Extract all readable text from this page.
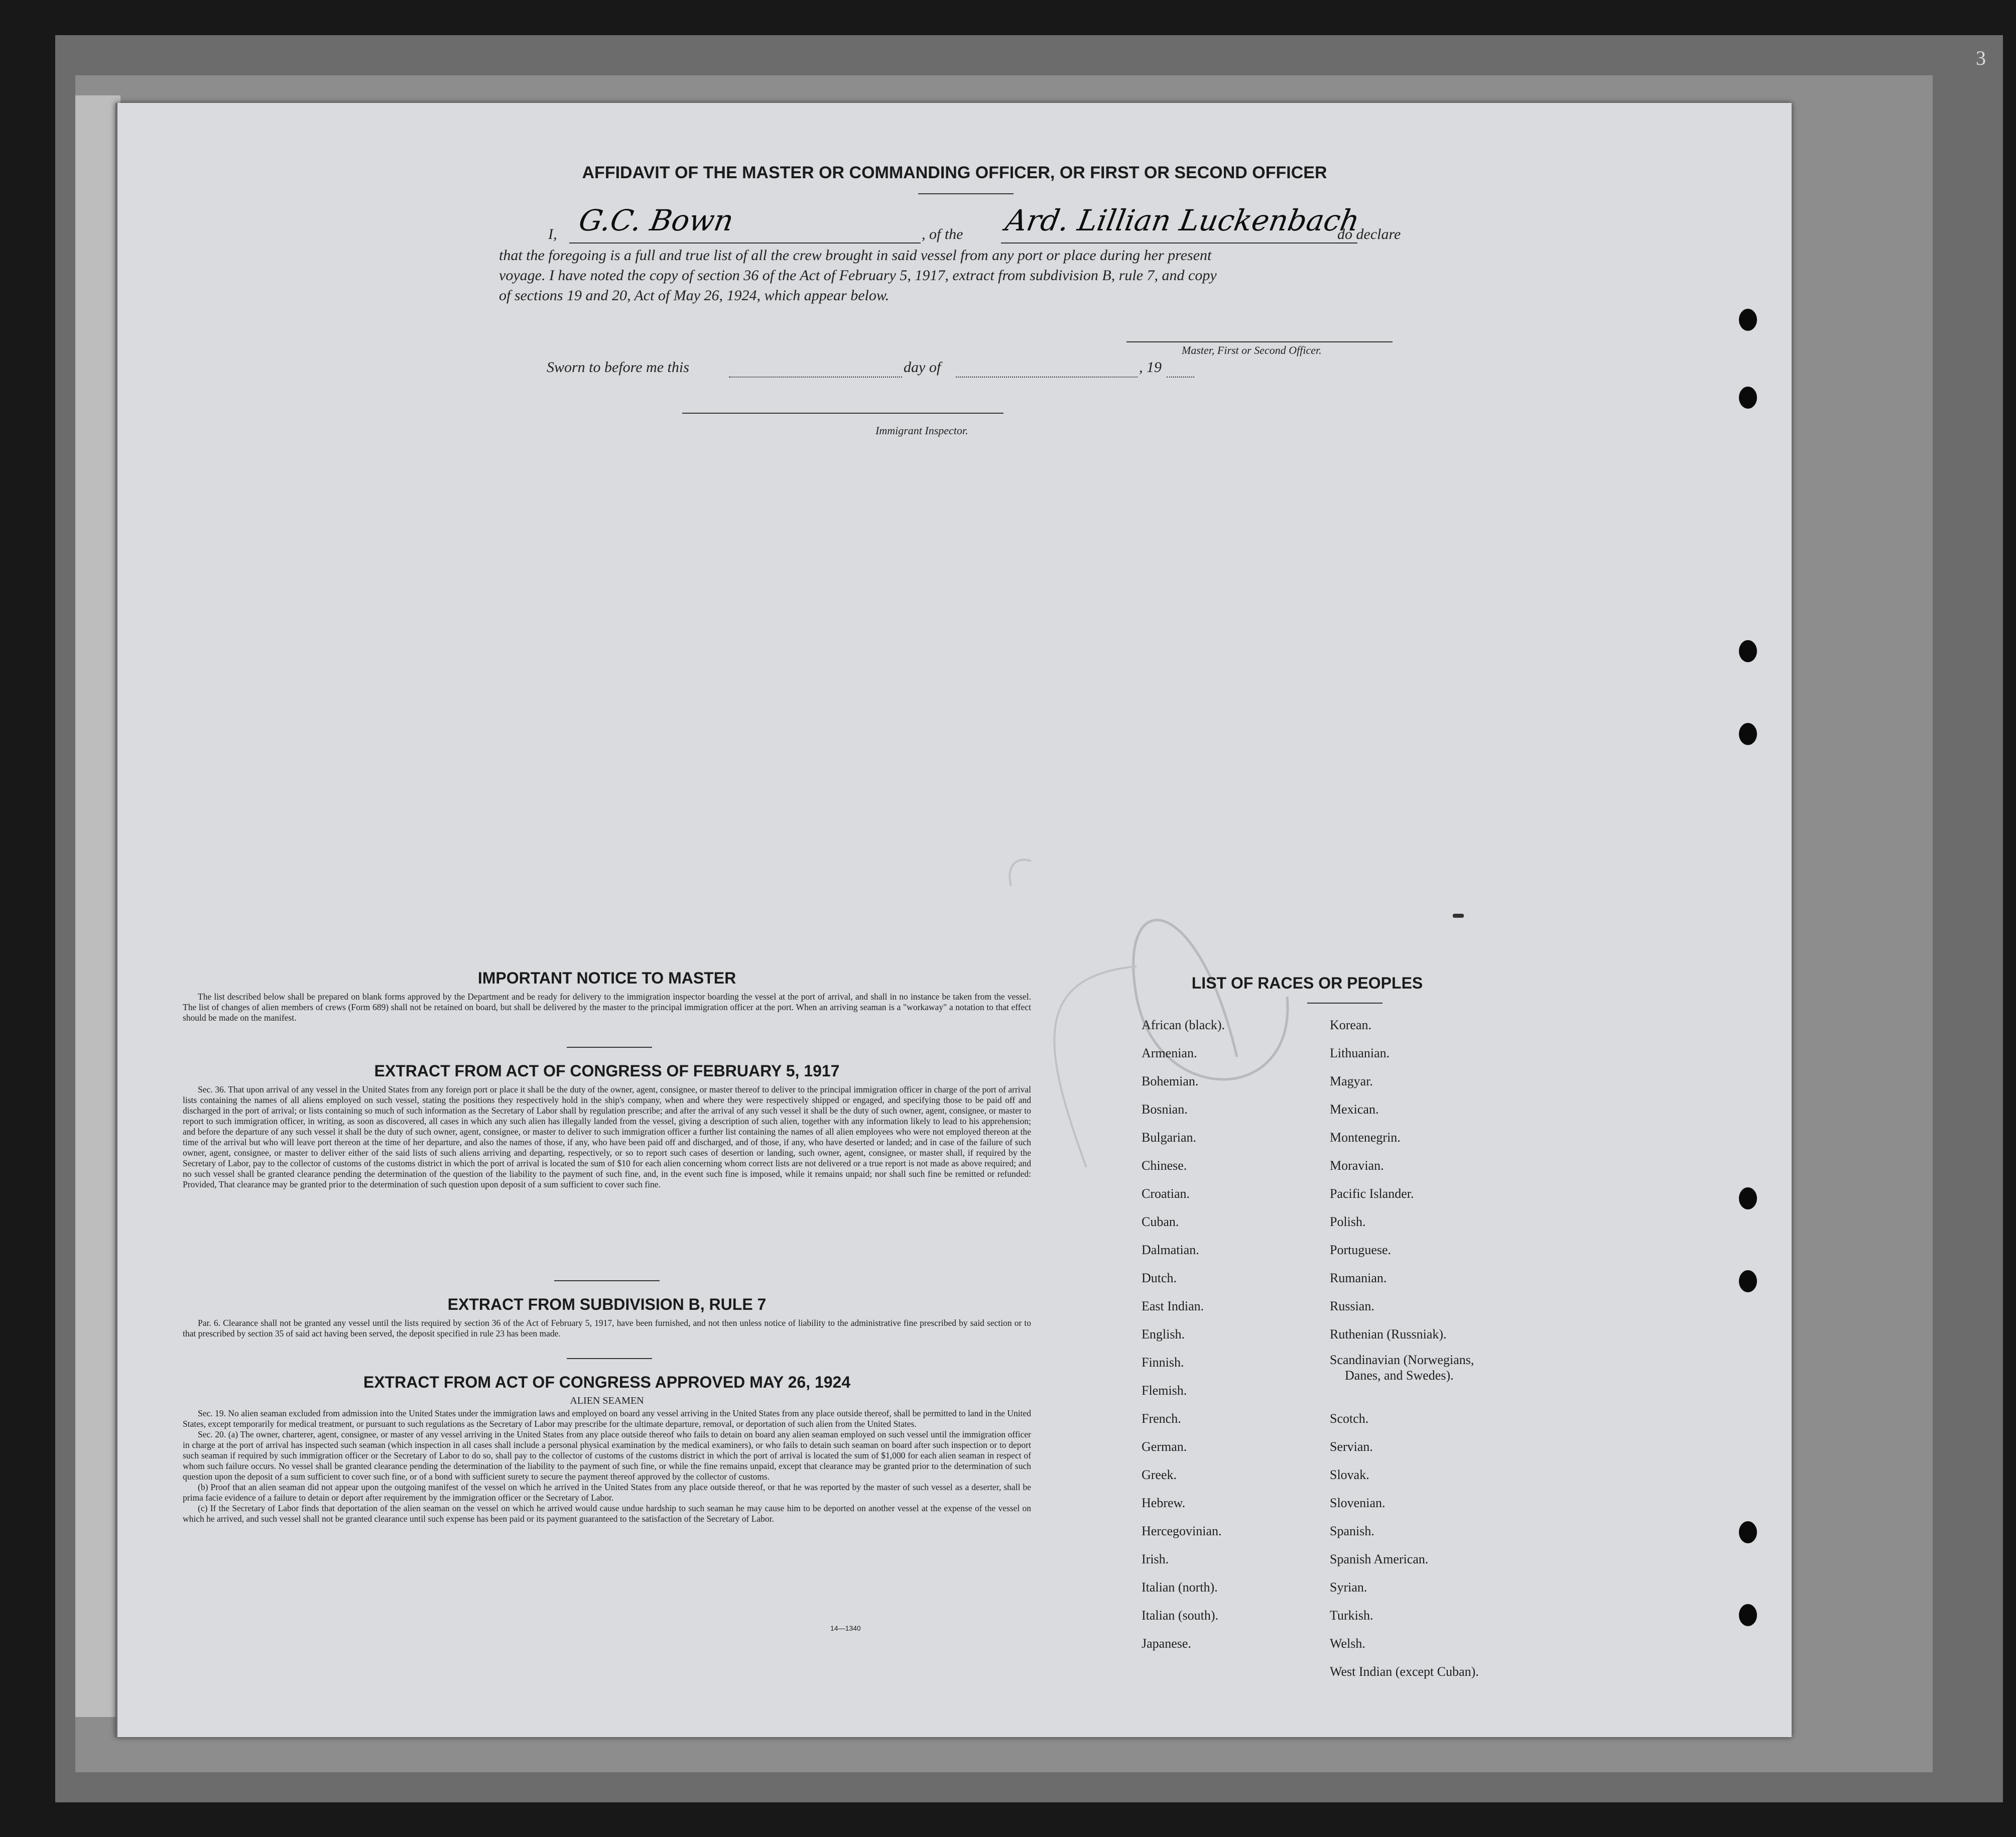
3
AFFIDAVIT OF THE MASTER OR COMMANDING OFFICER, OR FIRST OR SECOND OFFICER
I, G.C. Bown	, of the Ard. Lillian Luckenbach
do declare
that the foregoing is a full and true list of all the crew brought in said vessel from any port or place during her present
voyage. I have noted the copy of section 36 of the Act of February 5, 1917, extract from subdivision B, rule 7, and copy
of sections 19 and 20, Act of May 26, 1924, which appear below.
Master, First or Second Officer.
Sworn to before me this	day of	, 19
Immigrant Inspector.
IMPORTANT NOTICE TO MASTER

The list described below shall be prepared on blank forms approved by the Department and be ready for delivery to the immigration inspector boarding the vessel at the port of arrival, and shall in no instance be taken from the vessel. The list of changes of alien members of crews (Form 689) shall not be retained on board, but shall be delivered by the master to the principal immigration officer at the port. When an arriving seaman is a "workaway" a notation to that effect should be made on the manifest.

EXTRACT FROM ACT OF CONGRESS OF FEBRUARY 5, 1917

Sec. 36. That upon arrival of any vessel in the United States from any foreign port or place it shall be the duty of the owner, agent, consignee, or master thereof to deliver to the principal immigration officer in charge of the port of arrival lists containing the names of all aliens employed on such vessel, stating the positions they respectively hold in the ship's company, when and where they were respectively shipped or engaged, and specifying those to be paid off and discharged in the port of arrival; or lists containing so much of such information as the Secretary of Labor shall by regulation prescribe; and after the arrival of any such vessel it shall be the duty of such owner, agent, consignee, or master to report to such immigration officer, in writing, as soon as discovered, all cases in which any such alien has illegally landed from the vessel, giving a description of such alien, together with any information likely to lead to his apprehension; and before the departure of any such vessel it shall be the duty of such owner, agent, consignee, or master to deliver to such immigration officer a further list containing the names of all alien employees who were not employed thereon at the time of the arrival but who will leave port thereon at the time of her departure, and also the names of those, if any, who have been paid off and discharged, and of those, if any, who have deserted or landed; and in case of the failure of such owner, agent, consignee, or master to deliver either of the said lists of such aliens arriving and departing, respectively, or so to report such cases of desertion or landing, such owner, agent, consignee, or master shall, if required by the Secretary of Labor, pay to the collector of customs of the customs district in which the port of arrival is located the sum of $10 for each alien concerning whom correct lists are not delivered or a true report is not made as above required; and no such vessel shall be granted clearance pending the determination of the question of the liability to the payment of such fine, and, in the event such fine is imposed, while it remains unpaid; nor shall such fine be remitted or refunded: Provided, That clearance may be granted prior to the determination of such question upon deposit of a sum sufficient to cover such fine.

EXTRACT FROM SUBDIVISION B, RULE 7

Par. 6. Clearance shall not be granted any vessel until the lists required by section 36 of the Act of February 5, 1917, have been furnished, and not then unless notice of liability to the administrative fine prescribed by said section or to that prescribed by section 35 of said act having been served, the deposit specified in rule 23 has been made.

EXTRACT FROM ACT OF CONGRESS APPROVED MAY 26, 1924
ALIEN SEAMEN

Sec. 19. No alien seaman excluded from admission into the United States under the immigration laws and employed on board any vessel arriving in the United States from any place outside thereof, shall be permitted to land in the United States, except temporarily for medical treatment, or pursuant to such regulations as the Secretary of Labor may prescribe for the ultimate departure, removal, or deportation of such alien from the United States.

Sec. 20. (a) The owner, charterer, agent, consignee, or master of any vessel arriving in the United States from any place outside thereof who fails to detain on board any alien seaman employed on such vessel until the immigration officer in charge at the port of arrival has inspected such seaman (which inspection in all cases shall include a personal physical examination by the medical examiners), or who fails to detain such seaman on board after such inspection or to deport such seaman if required by such immigration officer or the Secretary of Labor to do so, shall pay to the collector of customs of the customs district in which the port of arrival is located the sum of $1,000 for each alien seaman in respect of whom such failure occurs. No vessel shall be granted clearance pending the determination of the liability to the payment of such fine, or while the fine remains unpaid, except that clearance may be granted prior to the determination of such question upon the deposit of a sum sufficient to cover such fine, or of a bond with sufficient surety to secure the payment thereof approved by the collector of customs.

(b) Proof that an alien seaman did not appear upon the outgoing manifest of the vessel on which he arrived in the United States from any place outside thereof, or that he was reported by the master of such vessel as a deserter, shall be prima facie evidence of a failure to detain or deport after requirement by the immigration officer or the Secretary of Labor.

(c) If the Secretary of Labor finds that deportation of the alien seaman on the vessel on which he arrived would cause undue hardship to such seaman he may cause him to be deported on another vessel at the expense of the vessel on which he arrived, and such vessel shall not be granted clearance until such expense has been paid or its payment guaranteed to the satisfaction of the Secretary of Labor.

14—1340
LIST OF RACES OR PEOPLES
African (black).
Armenian.
Bohemian.
Bosnian.
Bulgarian.
Chinese.
Croatian.
Cuban.
Dalmatian.
Dutch.
East Indian.
English.
Finnish.
Flemish.
French.
German.
Greek.
Hebrew.
Hercegovinian.
Irish.
Italian (north).
Italian (south).
Japanese.
Korean.
Lithuanian.
Magyar.
Mexican.
Montenegrin.
Moravian.
Pacific Islander.
Polish.
Portuguese.
Rumanian.
Russian.
Ruthenian (Russniak).
Scandinavian (Norwegians,
Danes, and Swedes).
Scotch.
Servian.
Slovak.
Slovenian.
Spanish.
Spanish American.
Syrian.
Turkish.
Welsh.
West Indian (except Cuban).
